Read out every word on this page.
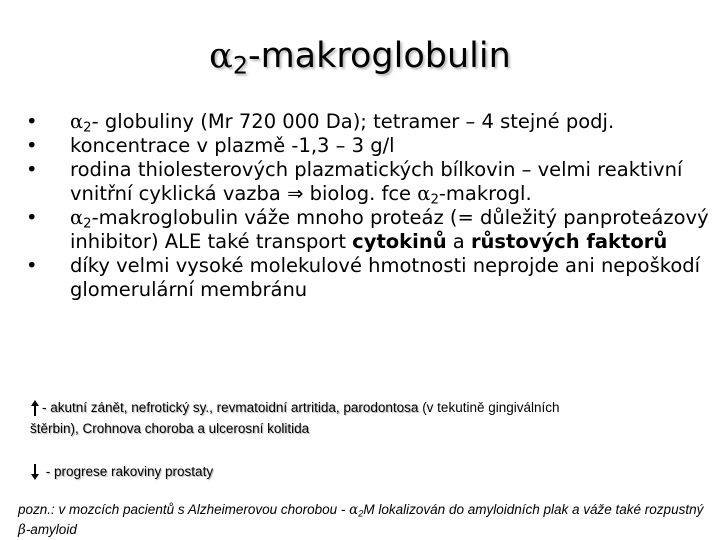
$\alpha_2$-makroglobulin
• $\alpha_2-$ globuliny (Mr 720 000 Da); tetramer – 4 stejné podj.
• koncentrace v plazmě -1,3 – 3 g/l
• rodina thiolesterových plazmatických bílkovin – velmi reaktivní vnitřní cyklická vazba ⇒ biolog. fce $\alpha_2$-makrogl.
• $\alpha_2$-makroglobulin váže mnoho proteáz (= důležitý panproteázový inhibitor) ALE také transport cytokinů a růstových faktorů
• díky velmi vysoké molekulové hmotnosti neprojde ani nepoškodí glomerulární membránu
- akutní zánět, nefrotický sy., revmatoidní artritida, parodontosa (v tekutině gingiválních
štěrbin), Crohnova choroba a ulcerosní kolitida
- progrese rakoviny prostaty
pozn.: v mozcích pacientů s Alzheimerovou chorobou - $\alpha_2M$ lokalizován do amyloidních plak a váže také rozpustný β-amyloid
